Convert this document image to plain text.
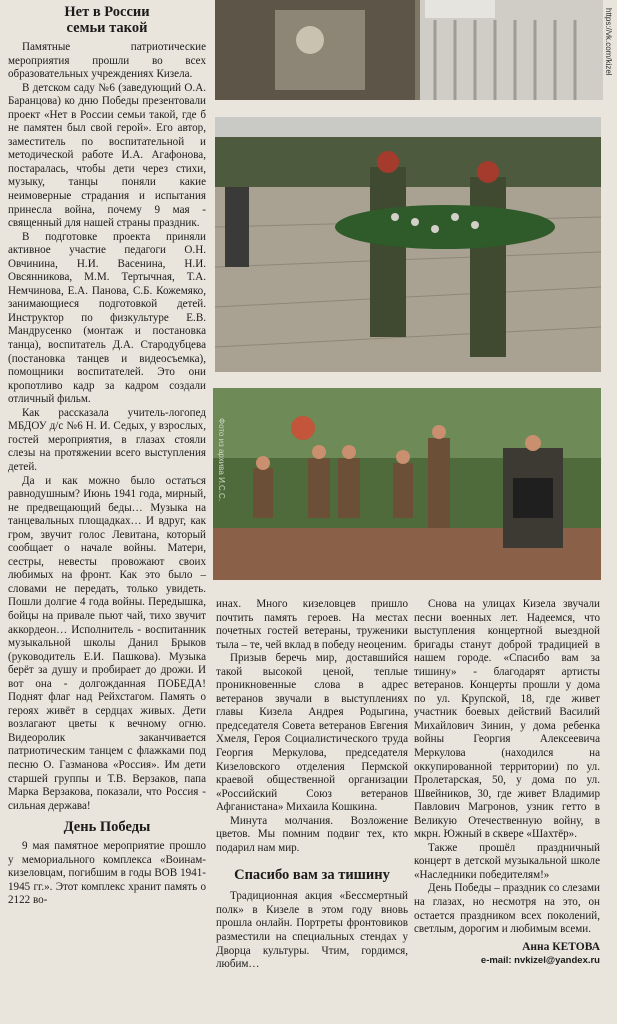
Нет в России
семьи такой

Памятные патриотические мероприятия прошли во всех образовательных учреждениях Кизела.

В детском саду №6 (заведующий О.А. Баранцова) ко дню Победы презентовали проект «Нет в России семьи такой, где б не памятен был свой герой». Его автор, заместитель по воспитательной и методической работе И.А. Агафонова, постаралась, чтобы дети через стихи, музыку, танцы поняли какие неимоверные страдания и испытания принесла война, почему 9 мая - священный для нашей страны праздник.

В подготовке проекта приняли активное участие педагоги О.Н. Овчинина, Н.И. Васенина, Н.И. Овсянникова, М.М. Тертычная, Т.А. Немчинова, Е.А. Панова, С.Б. Кожемяко, занимающиеся подготовкой детей. Инструктор по физкультуре Е.В. Мандрусенко (монтаж и постановка танца), воспитатель Д.А. Стародубцева (постановка танцев и видеосъемка), помощники воспитателей. Это они кропотливо кадр за кадром создали отличный фильм.

Как рассказала учитель-логопед МБДОУ д/с №6 Н. И. Седых, у взрослых, гостей мероприятия, в глазах стояли слезы на протяжении всего выступления детей.

Да и как можно было остаться равнодушным? Июнь 1941 года, мирный, не предвещающий беды… Музыка на танцевальных площадках… И вдруг, как гром, звучит голос Левитана, который сообщает о начале войны. Матери, сестры, невесты провожают своих любимых на фронт. Как это было – словами не передать, только увидеть. Пошли долгие 4 года войны. Передышка, бойцы на привале пьют чай, тихо звучит аккордеон… Исполнитель - воспитанник музыкальной школы Данил Брыков (руководитель Е.И. Пашкова). Музыка берёт за душу и пробирает до дрожи. И вот она - долгожданная ПОБЕДА! Поднят флаг над Рейхстагом. Память о героях живёт в сердцах живых. Дети возлагают цветы к вечному огню. Видеоролик заканчивается патриотическим танцем с флажками под песню О. Газманова «Россия». Им дети старшей группы и Т.В. Верзаков, папа Марка Верзакова, показали, что Россия - сильная держава!

День Победы

9 мая памятное мероприятие прошло у мемориального комплекса «Воинам-кизеловцам, погибшим в годы ВОВ 1941-1945 гг.». Этот комплекс хранит память о 2122 во-

https://vk.com/kizel
Фото из архива И.С.С.

инах. Много кизеловцев пришло почтить память героев. На местах почетных гостей ветераны, труженики тыла – те, чей вклад в победу неоценим.

Призыв беречь мир, доставшийся такой высокой ценой, теплые проникновенные слова в адрес ветеранов звучали в выступлениях главы Кизела Андрея Родыгина, председателя Совета ветеранов Евгения Хмеля, Героя Социалистического труда Георгия Меркулова, председателя Кизеловского отделения Пермской краевой общественной организации «Российский Союз ветеранов Афганистана» Михаила Кошкина.

Минута молчания. Возложение цветов. Мы помним подвиг тех, кто подарил нам мир.

Спасибо вам за тишину

Традиционная акция «Бессмертный полк» в Кизеле в этом году вновь прошла онлайн. Портреты фронтовиков разместили на специальных стендах у Дворца культуры. Чтим, гордимся, любим…

Снова на улицах Кизела звучали песни военных лет. Надеемся, что выступления концертной выездной бригады станут доброй традицией в нашем городе. «Спасибо вам за тишину» - благодарят артисты ветеранов. Концерты прошли у дома по ул. Крупской, 18, где живет участник боевых действий Василий Михайлович Зинин, у дома ребенка войны Георгия Алексеевича Меркулова (находился на оккупированной территории) по ул. Пролетарская, 50, у дома по ул. Швейников, 30, где живет Владимир Павлович Магронов, узник гетто в Великую Отечественную войну, в мкрн. Южный в сквере «Шахтёр».

Также прошёл праздничный концерт в детской музыкальной школе «Наследники победителям!»

День Победы – праздник со слезами на глазах, но несмотря на это, он остается праздником всех поколений, светлым, дорогим и любимым всеми.

Анна КЕТОВА
e-mail: nvkizel@yandex.ru
